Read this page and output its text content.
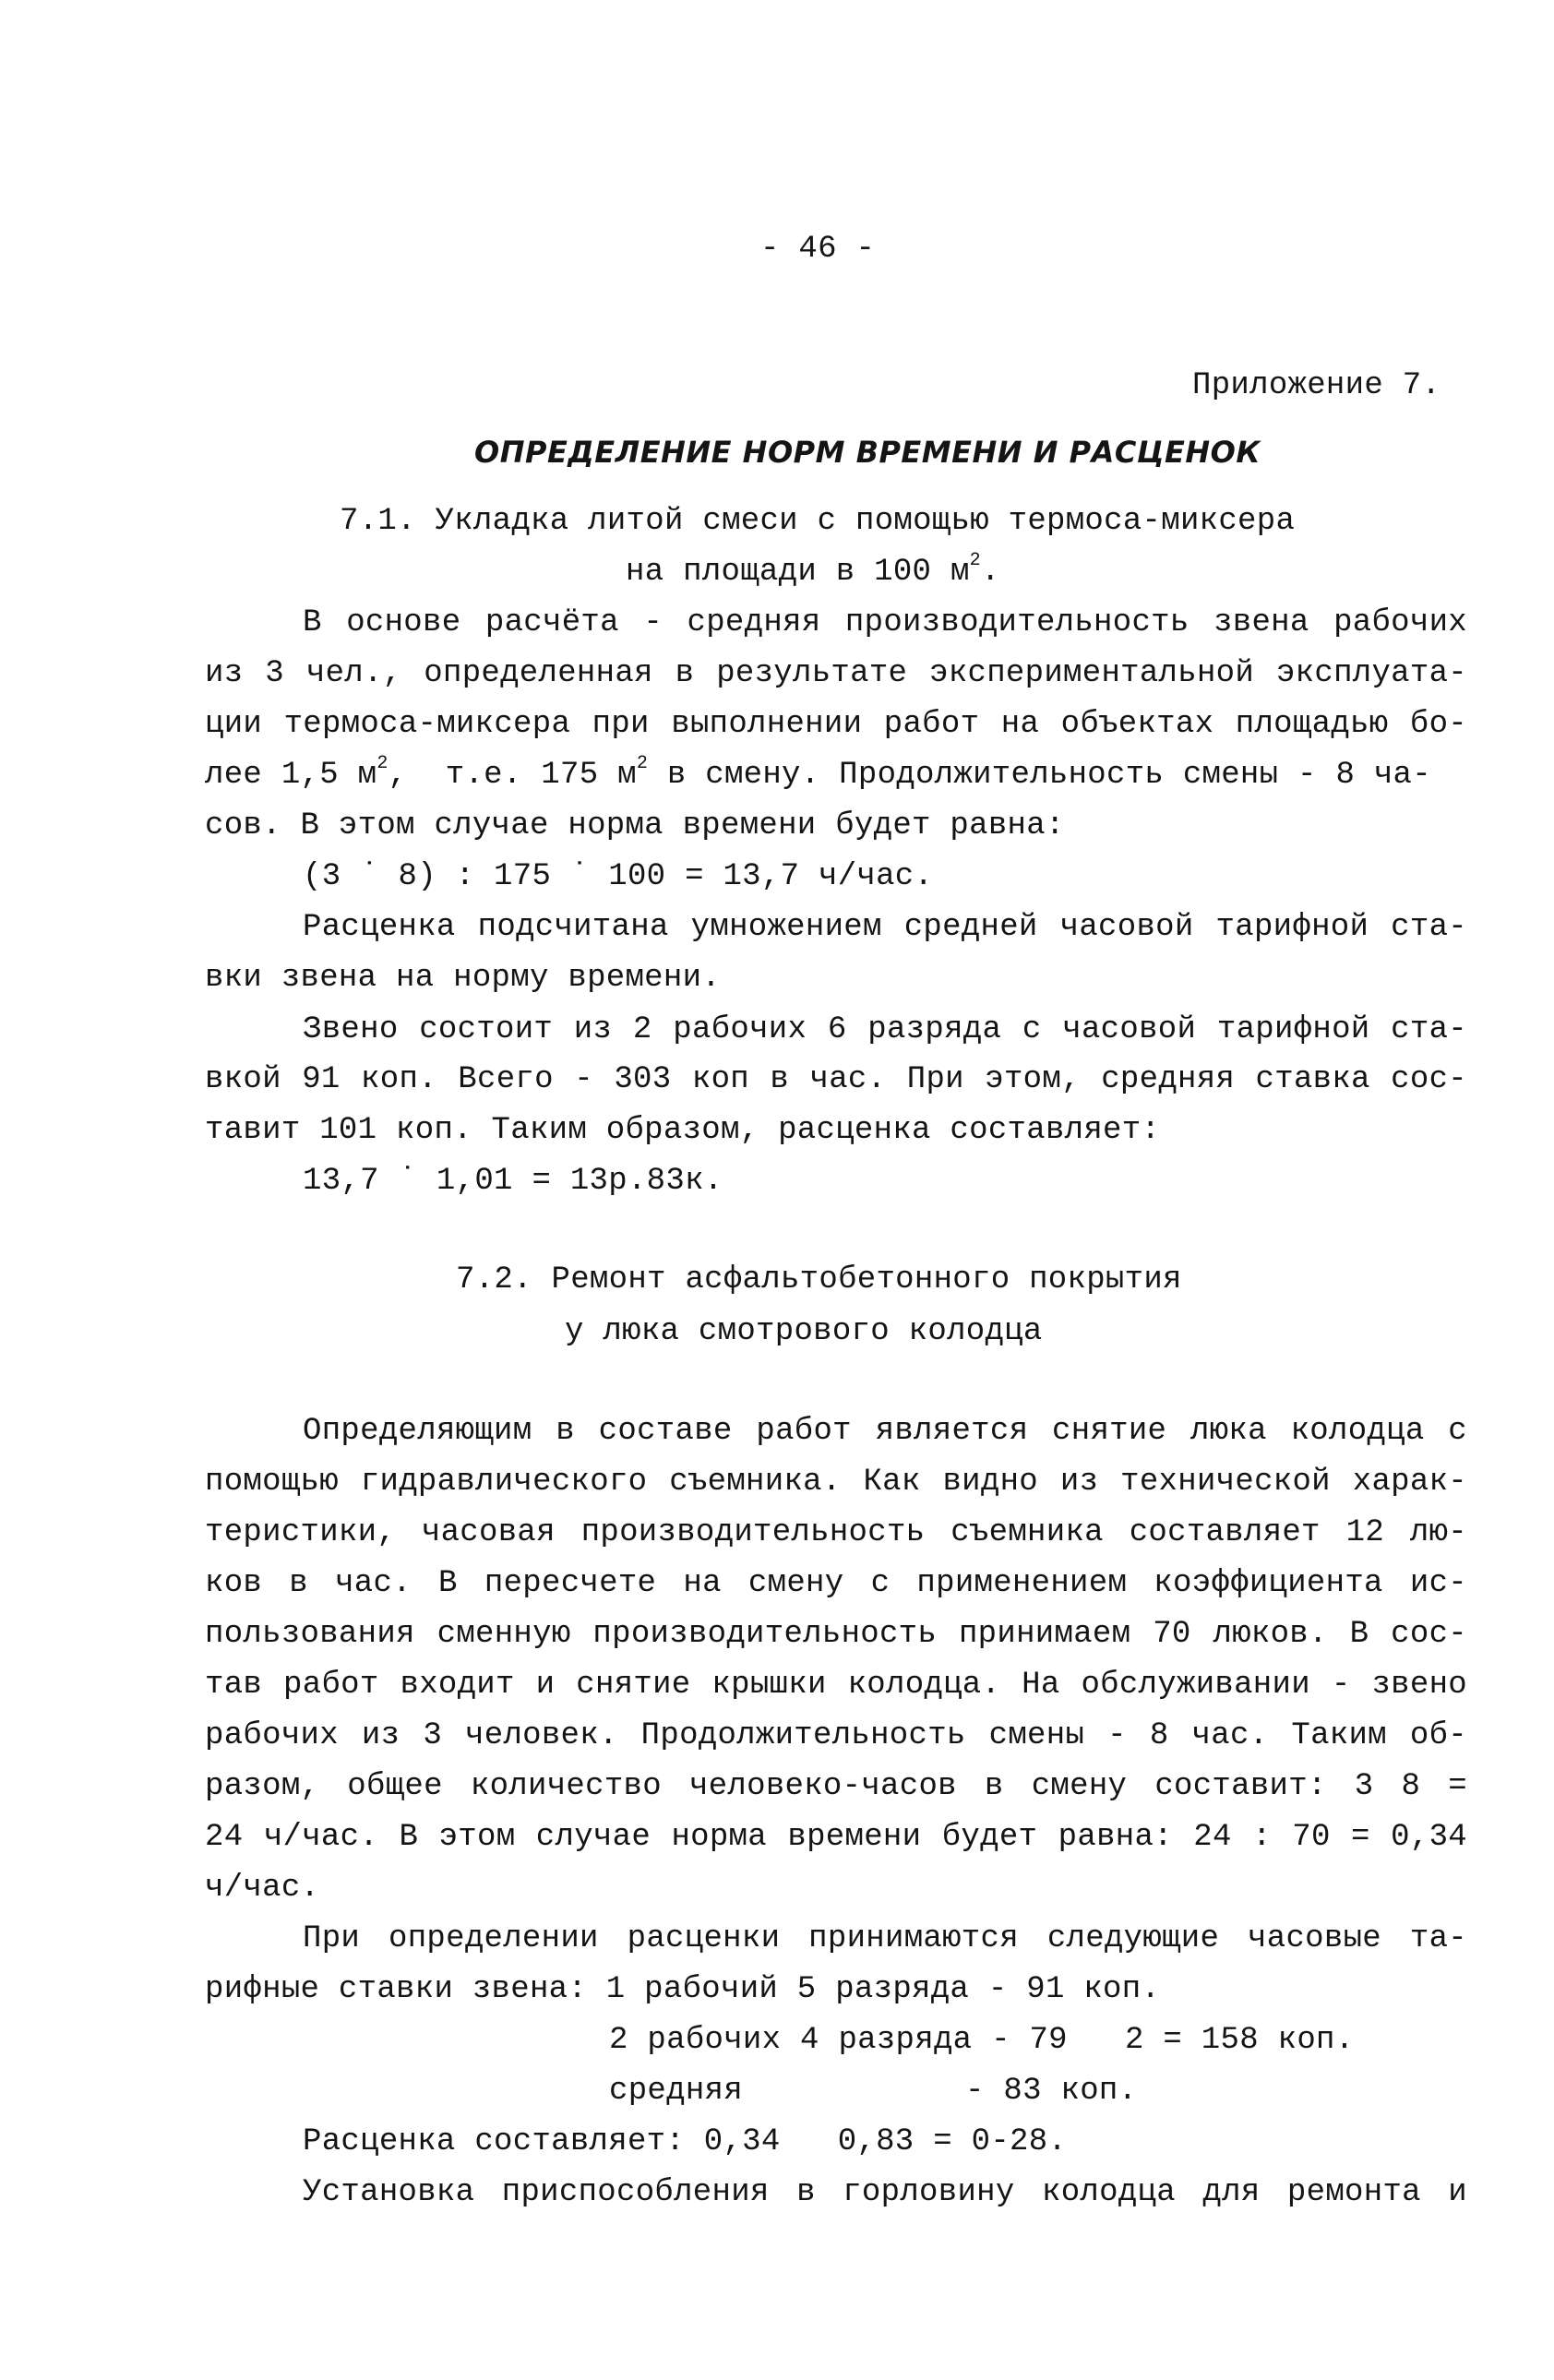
- 46 -
Приложение 7.
ОПРЕДЕЛЕНИЕ НОРМ ВРЕМЕНИ И РАСЦЕНОК
7.1. Укладка литой смеси с помощью термоса-миксера
на площади в 100 $м^2$.
В основе расчёта - средняя производительность звена рабочих
из 3 чел., определенная в результате экспериментальной эксплуата-
ции термоса-миксера при выполнении работ на объектах площадью бо-
лее 1,5 $м^2$,  т.е. 175 $м^2$ в смену. Продолжительность смены - 8 ча-
сов. В этом случае норма времени будет равна:
(3 ˙ 8) : 175 ˙ 100 = 13,7 ч/час.
Расценка подсчитана умножением средней часовой тарифной ста-
вки звена на норму времени.
Звено состоит из 2 рабочих 6 разряда с часовой тарифной ста-
вкой 91 коп. Всего - 303 коп в час. При этом, средняя ставка сос-
тавит 101 коп. Таким образом, расценка составляет:
13,7 ˙ 1,01 = 13р.83к.
7.2. Ремонт асфальтобетонного покрытия
у люка смотрового колодца
Определяющим в составе работ является снятие люка колодца с
помощью гидравлического съемника. Как видно из технической харак-
теристики, часовая производительность съемника составляет 12 лю-
ков в час. В пересчете на смену с применением коэффициента ис-
пользования сменную производительность принимаем 70 люков. В сос-
тав работ входит и снятие крышки колодца. На обслуживании - звено
рабочих из 3 человек. Продолжительность смены - 8 час. Таким об-
разом, общее количество человеко-часов в смену составит: 3 8 =
24 ч/час. В этом случае норма времени будет равна: 24 : 70 = 0,34
ч/час.
При определении расценки принимаются следующие часовые та-
рифные ставки звена: 1 рабочий 5 разряда - 91 коп.
2 рабочих 4 разряда - 79   2 = 158 коп.
средняя	- 83 коп.
Расценка составляет: 0,34   0,83 = 0-28.
Установка приспособления в горловину колодца для ремонта и
